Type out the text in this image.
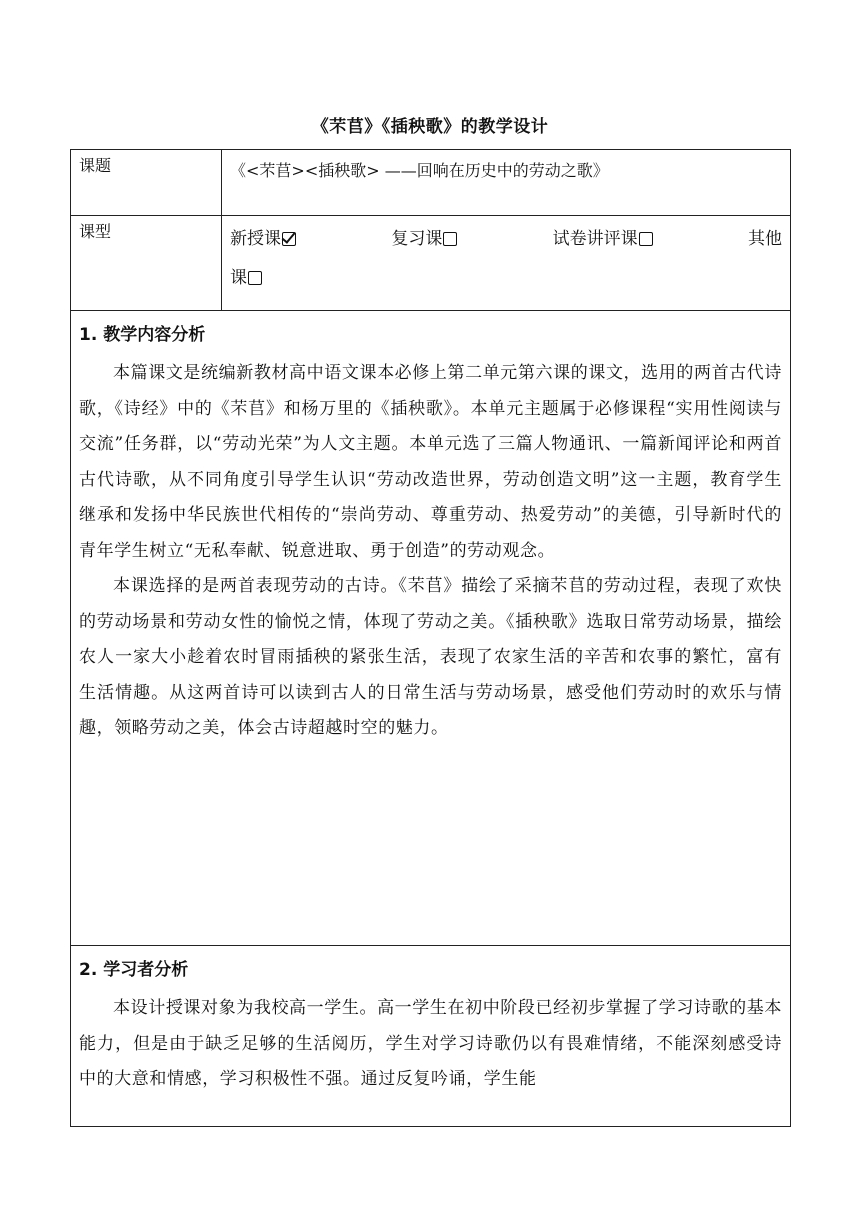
《芣苢》《插秧歌》的教学设计
课题	《<芣苢><插秧歌> ——回响在历史中的劳动之歌》
课型	新授课 复习课 试卷讲评课 其他
课

1. 教学内容分析

本篇课文是统编新教材高中语文课本必修上第二单元第六课的课文，选用的两首古代诗歌，《诗经》中的《芣苢》和杨万里的《插秧歌》。本单元主题属于必修课程“实用性阅读与交流”任务群，以“劳动光荣”为人文主题。本单元选了三篇人物通讯、一篇新闻评论和两首古代诗歌，从不同角度引导学生认识“劳动改造世界，劳动创造文明”这一主题，教育学生继承和发扬中华民族世代相传的“崇尚劳动、尊重劳动、热爱劳动”的美德，引导新时代的青年学生树立“无私奉献、锐意进取、勇于创造”的劳动观念。

本课选择的是两首表现劳动的古诗。《芣苢》描绘了采摘芣苢的劳动过程，表现了欢快的劳动场景和劳动女性的愉悦之情，体现了劳动之美。《插秧歌》选取日常劳动场景，描绘农人一家大小趁着农时冒雨插秧的紧张生活，表现了农家生活的辛苦和农事的繁忙，富有生活情趣。从这两首诗可以读到古人的日常生活与劳动场景，感受他们劳动时的欢乐与情趣，领略劳动之美，体会古诗超越时空的魅力。	

2. 学习者分析

本设计授课对象为我校高一学生。高一学生在初中阶段已经初步掌握了学习诗歌的基本能力，但是由于缺乏足够的生活阅历，学生对学习诗歌仍以有畏难情绪，不能深刻感受诗中的大意和情感，学习积极性不强。通过反复吟诵，学生能	
